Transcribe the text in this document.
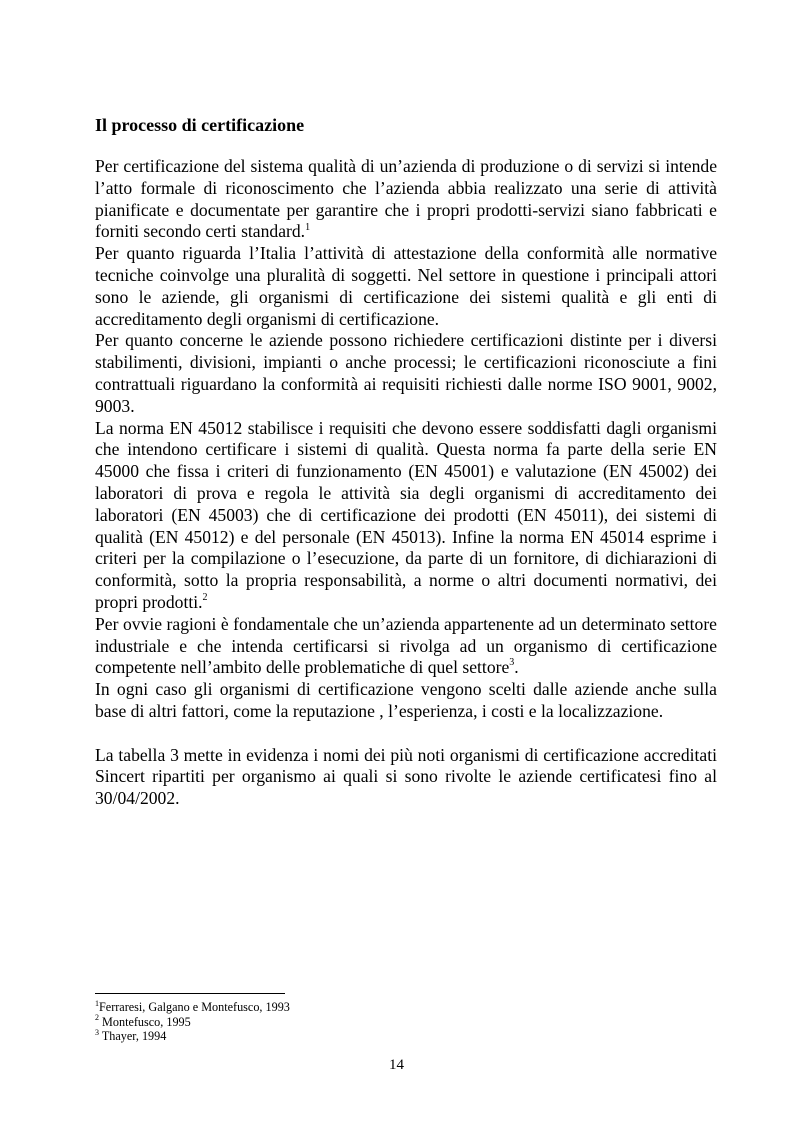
Il processo di certificazione

Per certificazione del sistema qualità di un’azienda di produzione o di servizi si intende l’atto formale di riconoscimento che l’azienda abbia realizzato una serie di attività pianificate e documentate per garantire che i propri prodotti-servizi siano fabbricati e forniti secondo certi standard.$^1$

Per quanto riguarda l’Italia l’attività di attestazione della conformità alle normative tecniche coinvolge una pluralità di soggetti. Nel settore in questione i principali attori sono le aziende, gli organismi di certificazione dei sistemi qualità e gli enti di accreditamento degli organismi di certificazione.

Per quanto concerne le aziende possono richiedere certificazioni distinte per i diversi stabilimenti, divisioni, impianti o anche processi; le certificazioni riconosciute a fini contrattuali riguardano la conformità ai requisiti richiesti dalle norme ISO 9001, 9002, 9003.

La norma EN 45012 stabilisce i requisiti che devono essere soddisfatti dagli organismi che intendono certificare i sistemi di qualità. Questa norma fa parte della serie EN 45000 che fissa i criteri di funzionamento (EN 45001) e valutazione (EN 45002) dei laboratori di prova e regola le attività sia degli organismi di accreditamento dei laboratori (EN 45003) che di certificazione dei prodotti (EN 45011), dei sistemi di qualità (EN 45012) e del personale (EN 45013). Infine la norma EN 45014 esprime i criteri per la compilazione o l’esecuzione, da parte di un fornitore, di dichiarazioni di conformità, sotto la propria responsabilità, a norme o altri documenti normativi, dei propri prodotti.$^2$

Per ovvie ragioni è fondamentale che un’azienda appartenente ad un determinato settore industriale e che intenda certificarsi si rivolga ad un organismo di certificazione competente nell’ambito delle problematiche di quel settore$^3$.

In ogni caso gli organismi di certificazione vengono scelti dalle aziende anche sulla base di altri fattori, come la reputazione , l’esperienza, i costi e la localizzazione.

La tabella 3 mette in evidenza i nomi dei più noti organismi di certificazione accreditati Sincert ripartiti per organismo ai quali si sono rivolte le aziende certificatesi fino al 30/04/2002.

$^1$Ferraresi, Galgano e Montefusco, 1993
$^2$ Montefusco, 1995
$^3$ Thayer, 1994
14
